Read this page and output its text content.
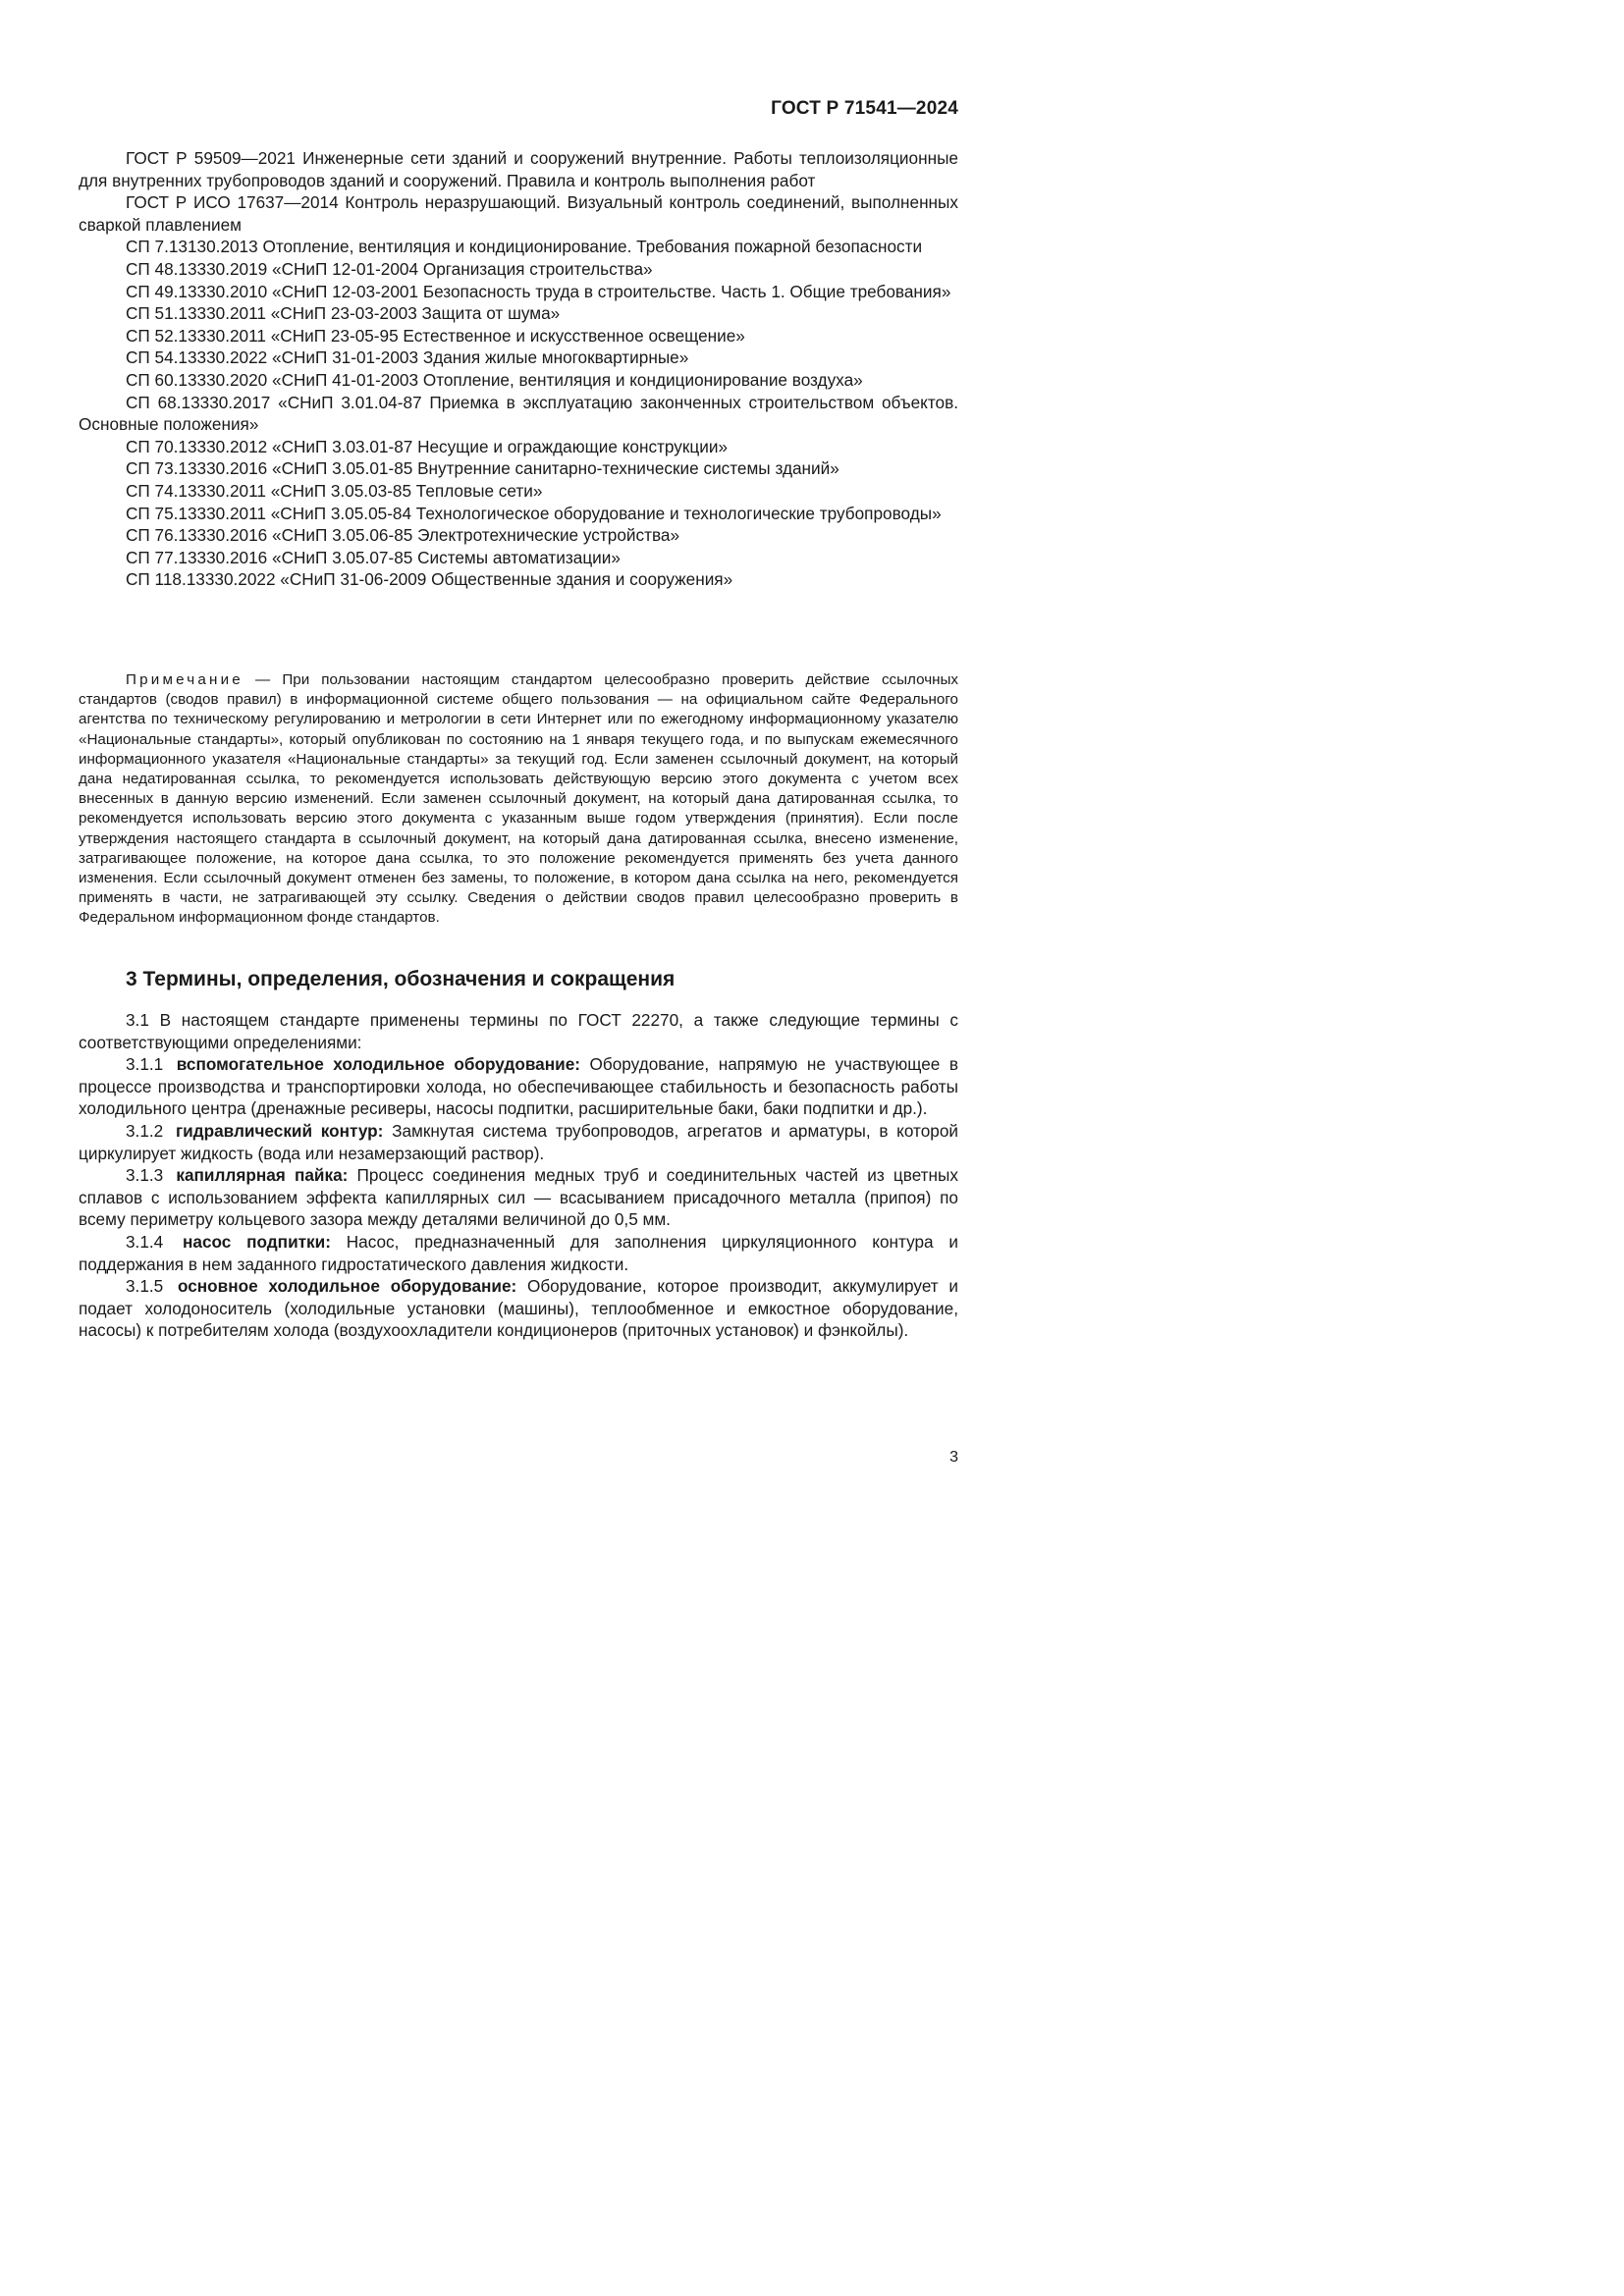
ГОСТ Р 71541—2024

ГОСТ Р 59509—2021 Инженерные сети зданий и сооружений внутренние. Работы теплоизоляционные для внутренних трубопроводов зданий и сооружений. Правила и контроль выполнения работ

ГОСТ Р ИСО 17637—2014 Контроль неразрушающий. Визуальный контроль соединений, выполненных сваркой плавлением

СП 7.13130.2013 Отопление, вентиляция и кондиционирование. Требования пожарной безопасности

СП 48.13330.2019 «СНиП 12-01-2004 Организация строительства»

СП 49.13330.2010 «СНиП 12-03-2001 Безопасность труда в строительстве. Часть 1. Общие требования»

СП 51.13330.2011 «СНиП 23-03-2003 Защита от шума»

СП 52.13330.2011 «СНиП 23-05-95 Естественное и искусственное освещение»

СП 54.13330.2022 «СНиП 31-01-2003 Здания жилые многоквартирные»

СП 60.13330.2020 «СНиП 41-01-2003 Отопление, вентиляция и кондиционирование воздуха»

СП 68.13330.2017 «СНиП 3.01.04-87 Приемка в эксплуатацию законченных строительством объектов. Основные положения»

СП 70.13330.2012 «СНиП 3.03.01-87 Несущие и ограждающие конструкции»

СП 73.13330.2016 «СНиП 3.05.01-85 Внутренние санитарно-технические системы зданий»

СП 74.13330.2011 «СНиП 3.05.03-85 Тепловые сети»

СП 75.13330.2011 «СНиП 3.05.05-84 Технологическое оборудование и технологические трубопроводы»

СП 76.13330.2016 «СНиП 3.05.06-85 Электротехнические устройства»

СП 77.13330.2016 «СНиП 3.05.07-85 Системы автоматизации»

СП 118.13330.2022 «СНиП 31-06-2009 Общественные здания и сооружения»

Примечание — При пользовании настоящим стандартом целесообразно проверить действие ссылочных стандартов (сводов правил) в информационной системе общего пользования — на официальном сайте Федерального агентства по техническому регулированию и метрологии в сети Интернет или по ежегодному информационному указателю «Национальные стандарты», который опубликован по состоянию на 1 января текущего года, и по выпускам ежемесячного информационного указателя «Национальные стандарты» за текущий год. Если заменен ссылочный документ, на который дана недатированная ссылка, то рекомендуется использовать действующую версию этого документа с учетом всех внесенных в данную версию изменений. Если заменен ссылочный документ, на который дана датированная ссылка, то рекомендуется использовать версию этого документа с указанным выше годом утверждения (принятия). Если после утверждения настоящего стандарта в ссылочный документ, на который дана датированная ссылка, внесено изменение, затрагивающее положение, на которое дана ссылка, то это положение рекомендуется применять без учета данного изменения. Если ссылочный документ отменен без замены, то положение, в котором дана ссылка на него, рекомендуется применять в части, не затрагивающей эту ссылку. Сведения о действии сводов правил целесообразно проверить в Федеральном информационном фонде стандартов.

3 Термины, определения, обозначения и сокращения

3.1 В настоящем стандарте применены термины по ГОСТ 22270, а также следующие термины с соответствующими определениями:

3.1.1 вспомогательное холодильное оборудование: Оборудование, напрямую не участвующее в процессе производства и транспортировки холода, но обеспечивающее стабильность и безопасность работы холодильного центра (дренажные ресиверы, насосы подпитки, расширительные баки, баки подпитки и др.).

3.1.2 гидравлический контур: Замкнутая система трубопроводов, агрегатов и арматуры, в которой циркулирует жидкость (вода или незамерзающий раствор).

3.1.3 капиллярная пайка: Процесс соединения медных труб и соединительных частей из цветных сплавов с использованием эффекта капиллярных сил — всасыванием присадочного металла (припоя) по всему периметру кольцевого зазора между деталями величиной до 0,5 мм.

3.1.4 насос подпитки: Насос, предназначенный для заполнения циркуляционного контура и поддержания в нем заданного гидростатического давления жидкости.

3.1.5 основное холодильное оборудование: Оборудование, которое производит, аккумулирует и подает холодоноситель (холодильные установки (машины), теплообменное и емкостное оборудование, насосы) к потребителям холода (воздухоохладители кондиционеров (приточных установок) и фэнкойлы).

3
